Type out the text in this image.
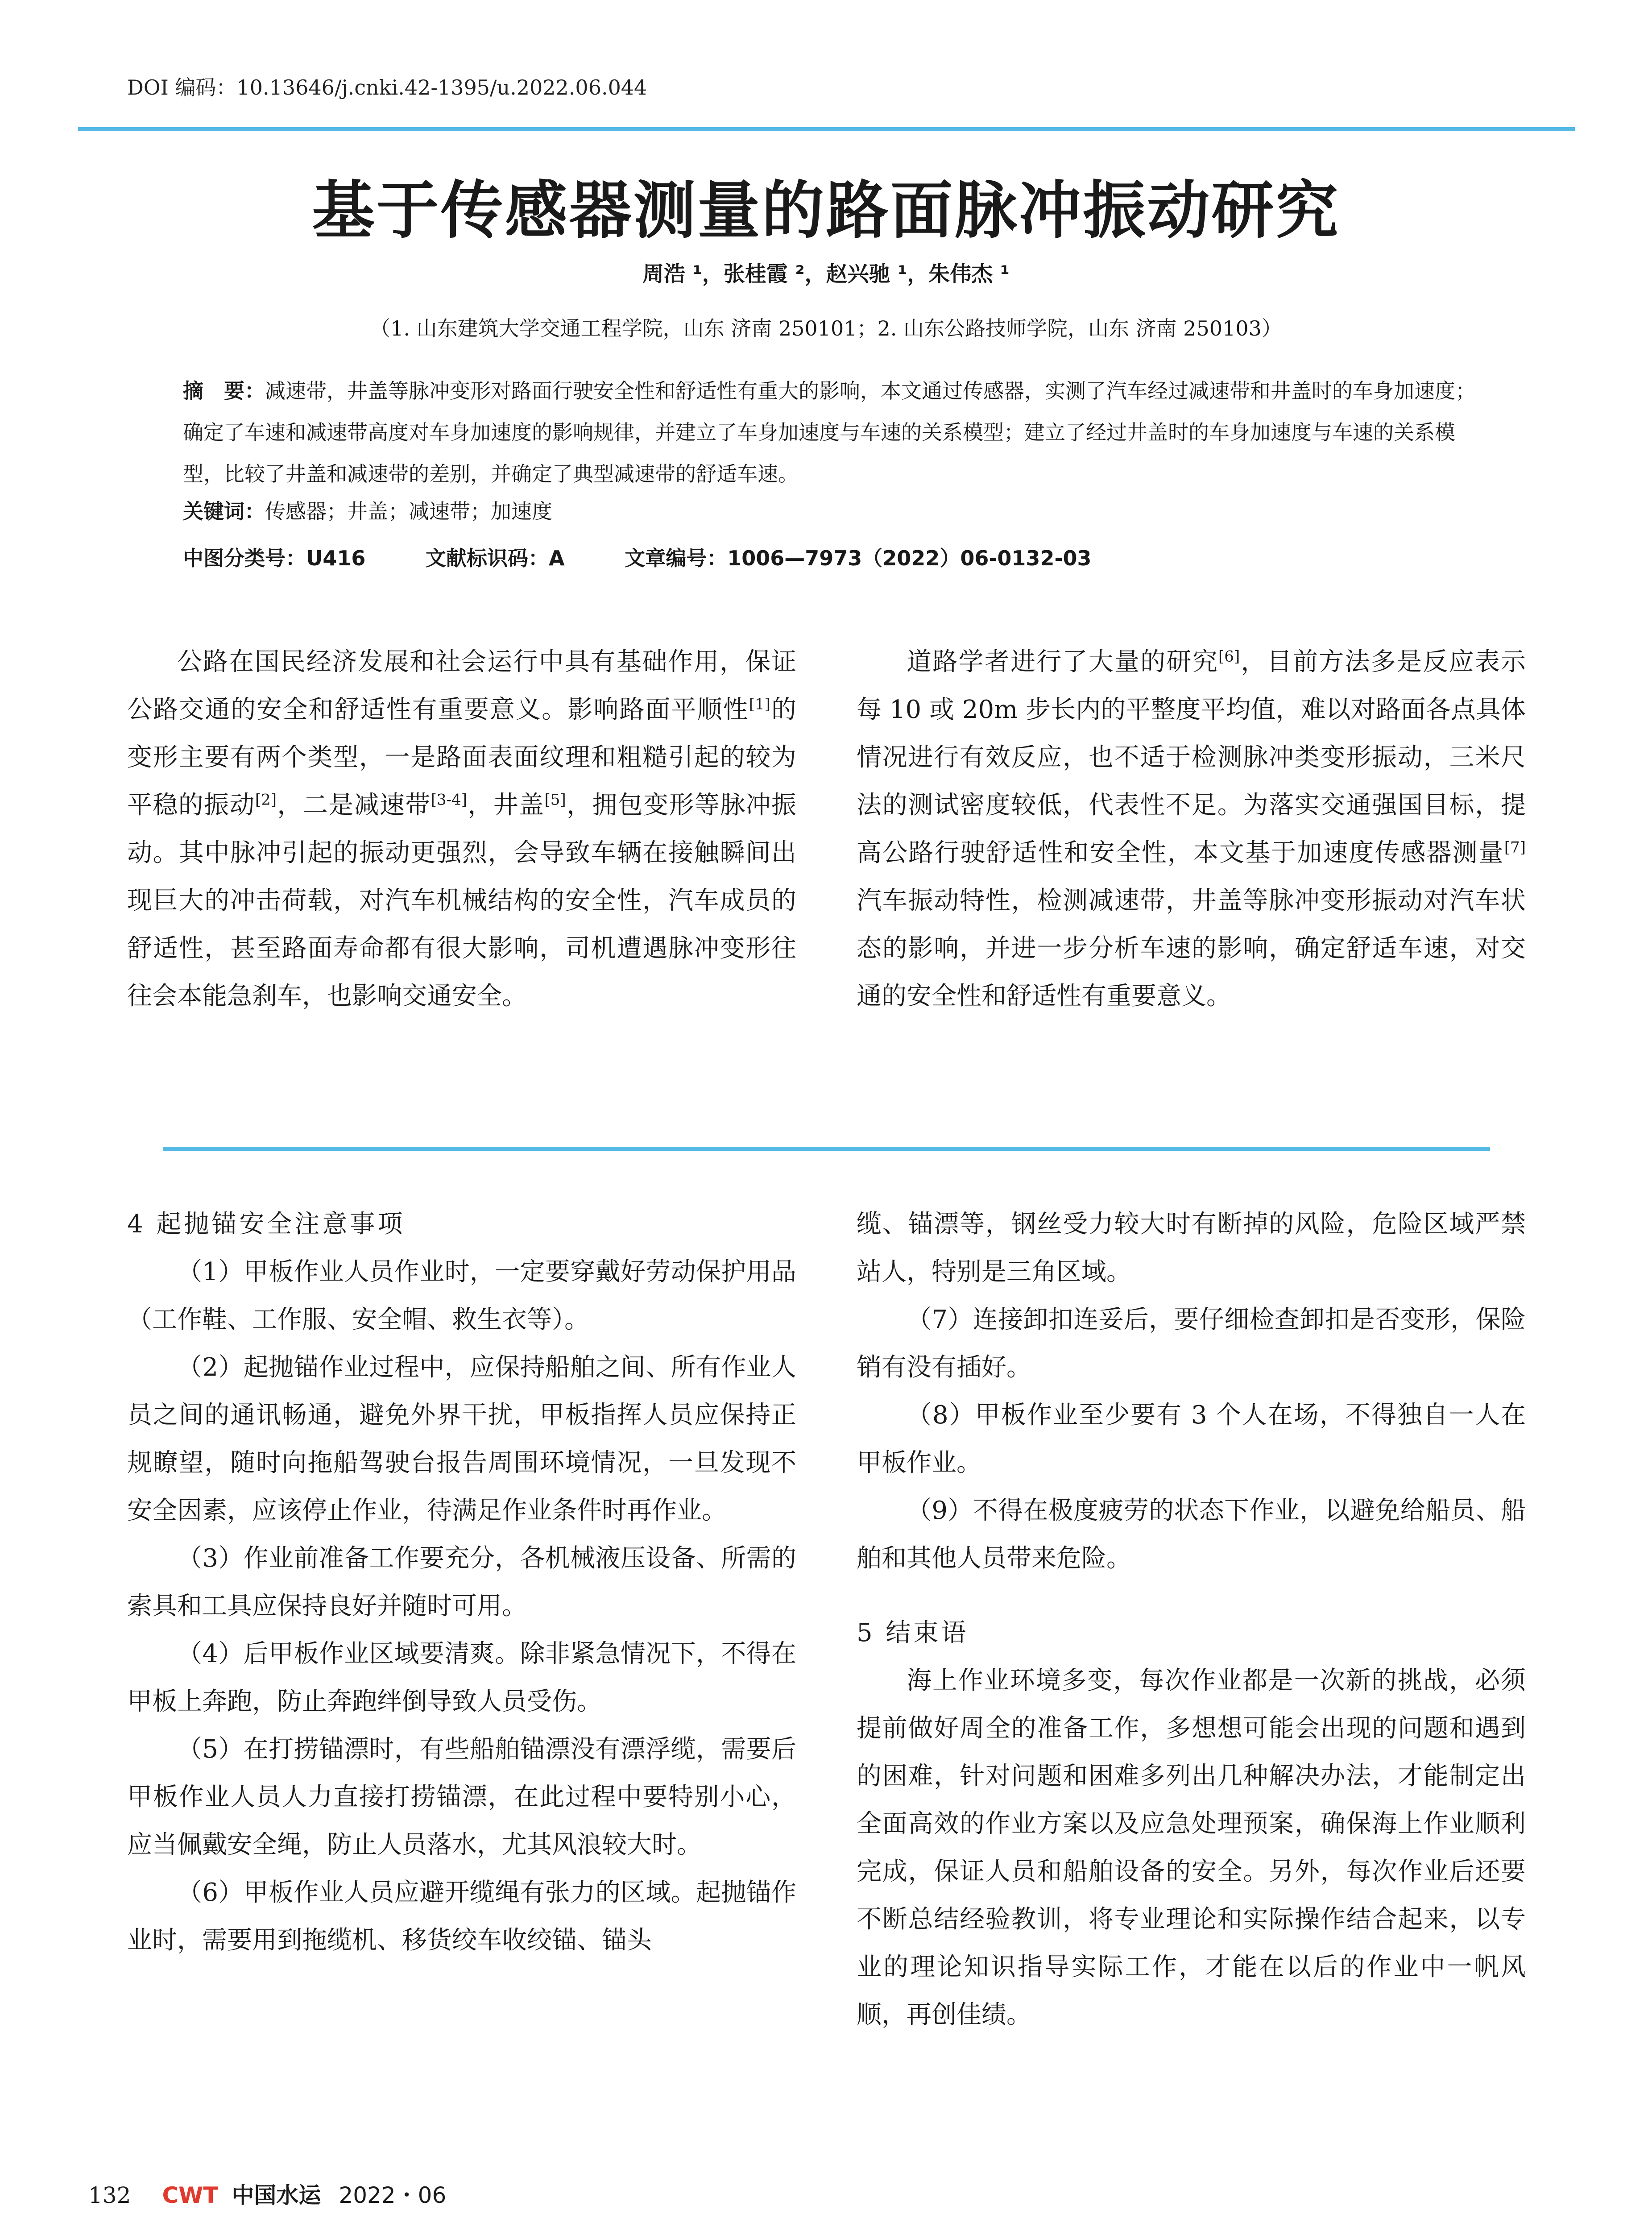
DOI 编码：10.13646/j.cnki.42-1395/u.2022.06.044
基于传感器测量的路面脉冲振动研究
周浩 ¹，张桂霞 ²，赵兴驰 ¹，朱伟杰 ¹
（1. 山东建筑大学交通工程学院，山东 济南 250101；2. 山东公路技师学院，山东 济南 250103）
摘　要：减速带，井盖等脉冲变形对路面行驶安全性和舒适性有重大的影响，本文通过传感器，实测了汽车经过减速带和井盖时的车身加速度；确定了车速和减速带高度对车身加速度的影响规律，并建立了车身加速度与车速的关系模型；建立了经过井盖时的车身加速度与车速的关系模型，比较了井盖和减速带的差别，并确定了典型减速带的舒适车速。
关键词：传感器；井盖；减速带；加速度
中图分类号：U416	文献标识码：A	文章编号：1006—7973（2022）06-0132-03

公路在国民经济发展和社会运行中具有基础作用，保证公路交通的安全和舒适性有重要意义。影响路面平顺性[1]的变形主要有两个类型，一是路面表面纹理和粗糙引起的较为平稳的振动[2]，二是减速带[3-4]，井盖[5]，拥包变形等脉冲振动。其中脉冲引起的振动更强烈，会导致车辆在接触瞬间出现巨大的冲击荷载，对汽车机械结构的安全性，汽车成员的舒适性，甚至路面寿命都有很大影响，司机遭遇脉冲变形往往会本能急刹车，也影响交通安全。

道路学者进行了大量的研究[6]，目前方法多是反应表示每 10 或 20m 步长内的平整度平均值，难以对路面各点具体情况进行有效反应，也不适于检测脉冲类变形振动，三米尺法的测试密度较低，代表性不足。为落实交通强国目标，提高公路行驶舒适性和安全性，本文基于加速度传感器测量[7]汽车振动特性，检测减速带，井盖等脉冲变形振动对汽车状态的影响，并进一步分析车速的影响，确定舒适车速，对交通的安全性和舒适性有重要意义。

4 起抛锚安全注意事项

（1）甲板作业人员作业时，一定要穿戴好劳动保护用品（工作鞋、工作服、安全帽、救生衣等）。

（2）起抛锚作业过程中，应保持船舶之间、所有作业人员之间的通讯畅通，避免外界干扰，甲板指挥人员应保持正规瞭望，随时向拖船驾驶台报告周围环境情况，一旦发现不安全因素，应该停止作业，待满足作业条件时再作业。

（3）作业前准备工作要充分，各机械液压设备、所需的索具和工具应保持良好并随时可用。

（4）后甲板作业区域要清爽。除非紧急情况下，不得在甲板上奔跑，防止奔跑绊倒导致人员受伤。

（5）在打捞锚漂时，有些船舶锚漂没有漂浮缆，需要后甲板作业人员人力直接打捞锚漂，在此过程中要特别小心，应当佩戴安全绳，防止人员落水，尤其风浪较大时。

（6）甲板作业人员应避开缆绳有张力的区域。起抛锚作业时，需要用到拖缆机、移货绞车收绞锚、锚头

缆、锚漂等，钢丝受力较大时有断掉的风险，危险区域严禁站人，特别是三角区域。

（7）连接卸扣连妥后，要仔细检查卸扣是否变形，保险销有没有插好。

（8）甲板作业至少要有 3 个人在场，不得独自一人在甲板作业。

（9）不得在极度疲劳的状态下作业，以避免给船员、船舶和其他人员带来危险。

5 结束语

海上作业环境多变，每次作业都是一次新的挑战，必须提前做好周全的准备工作，多想想可能会出现的问题和遇到的困难，针对问题和困难多列出几种解决办法，才能制定出全面高效的作业方案以及应急处理预案，确保海上作业顺利完成，保证人员和船舶设备的安全。另外，每次作业后还要不断总结经验教训，将专业理论和实际操作结合起来，以专业的理论知识指导实际工作，才能在以后的作业中一帆风顺，再创佳绩。

132 CWT 中国水运 2022・06
